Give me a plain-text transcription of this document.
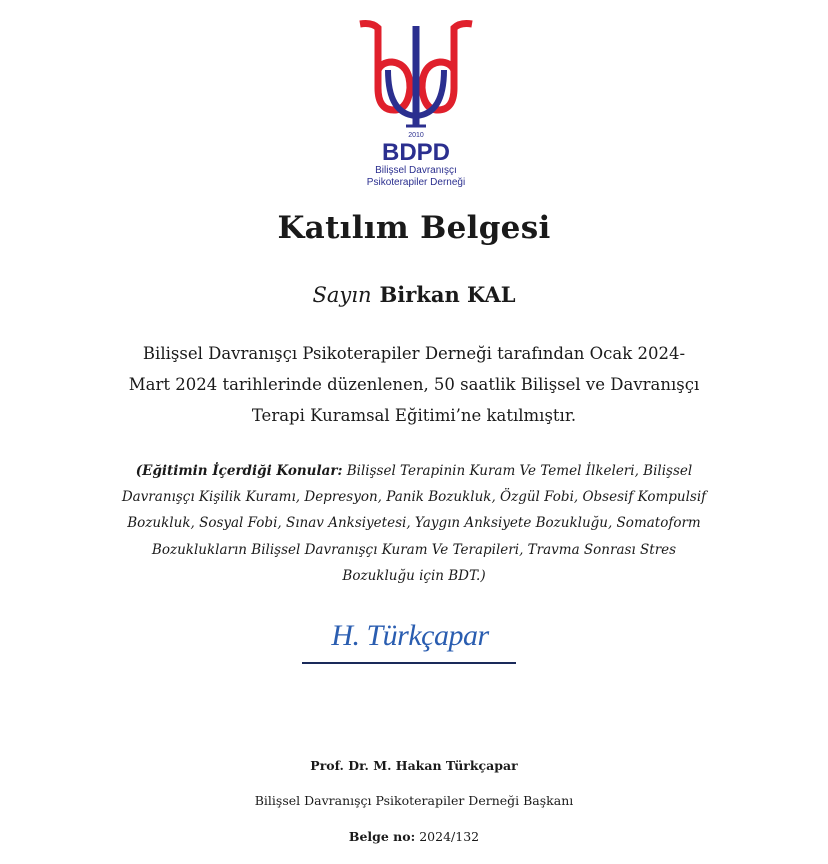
2010
BDPD
Bilişsel Davranışçı
Psikoterapiler Derneği
Katılım Belgesi
Sayın Birkan KAL
Bilişsel Davranışçı Psikoterapiler Derneği tarafından Ocak 2024-
Mart 2024 tarihlerinde düzenlenen, 50 saatlik Bilişsel ve Davranışçı
Terapi Kuramsal Eğitimi’ne katılmıştır.
(Eğitimin İçerdiği Konular: Bilişsel Terapinin Kuram Ve Temel İlkeleri, Bilişsel
Davranışçı Kişilik Kuramı, Depresyon, Panik Bozukluk, Özgül Fobi, Obsesif Kompulsif
Bozukluk, Sosyal Fobi, Sınav Anksiyetesi, Yaygın Anksiyete Bozukluğu, Somatoform
Bozuklukların Bilişsel Davranışçı Kuram Ve Terapileri, Travma Sonrası Stres
Bozukluğu için BDT.)
H. Türkçapar
Prof. Dr. M. Hakan Türkçapar
Bilişsel Davranışçı Psikoterapiler Derneği Başkanı
Belge no: 2024/132
